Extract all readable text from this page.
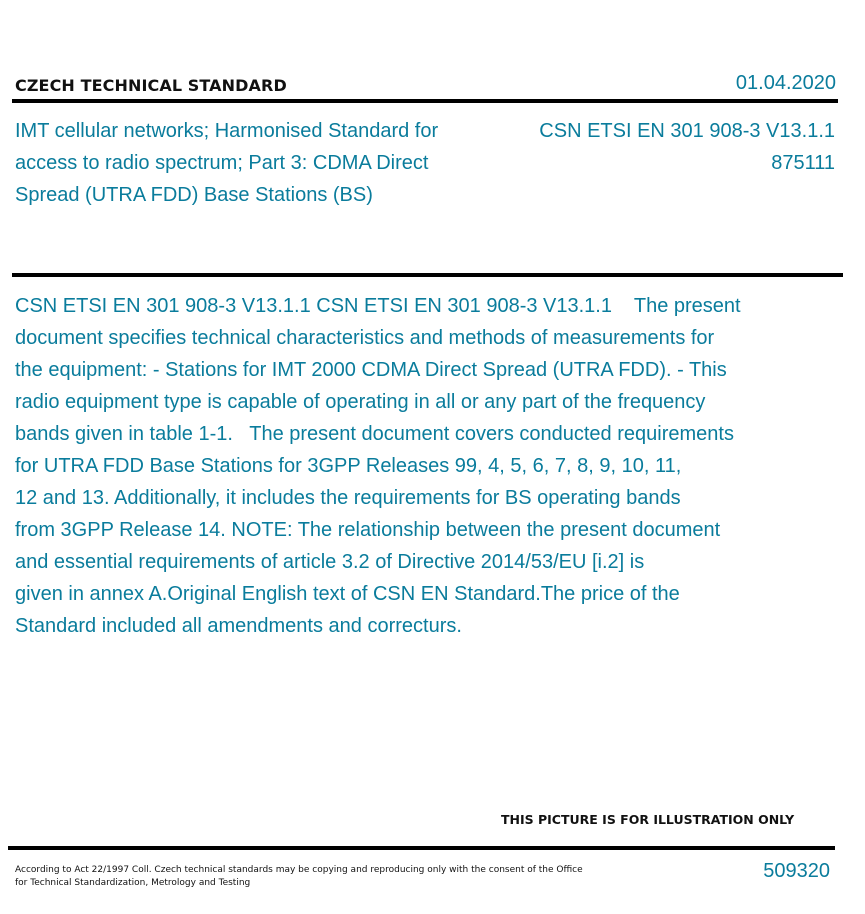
CZECH TECHNICAL STANDARD	01.04.2020
IMT cellular networks; Harmonised Standard for
access to radio spectrum; Part 3: CDMA Direct
Spread (UTRA FDD) Base Stations (BS)
CSN ETSI EN 301 908-3 V13.1.1
875111
CSN ETSI EN 301 908-3 V13.1.1 CSN ETSI EN 301 908-3 V13.1.1    The present
document specifies technical characteristics and methods of measurements for
the equipment: - Stations for IMT 2000 CDMA Direct Spread (UTRA FDD). - This
radio equipment type is capable of operating in all or any part of the frequency
bands given in table 1-1.   The present document covers conducted requirements
for UTRA FDD Base Stations for 3GPP Releases 99, 4, 5, 6, 7, 8, 9, 10, 11,
12 and 13. Additionally, it includes the requirements for BS operating bands
from 3GPP Release 14. NOTE: The relationship between the present document
and essential requirements of article 3.2 of Directive 2014/53/EU [i.2] is
given in annex A.Original English text of CSN EN Standard.The price of the
Standard included all amendments and correcturs.
THIS PICTURE IS FOR ILLUSTRATION ONLY
According to Act 22/1997 Coll. Czech technical standards may be copying and reproducing only with the consent of the Office
for Technical Standardization, Metrology and Testing
509320
